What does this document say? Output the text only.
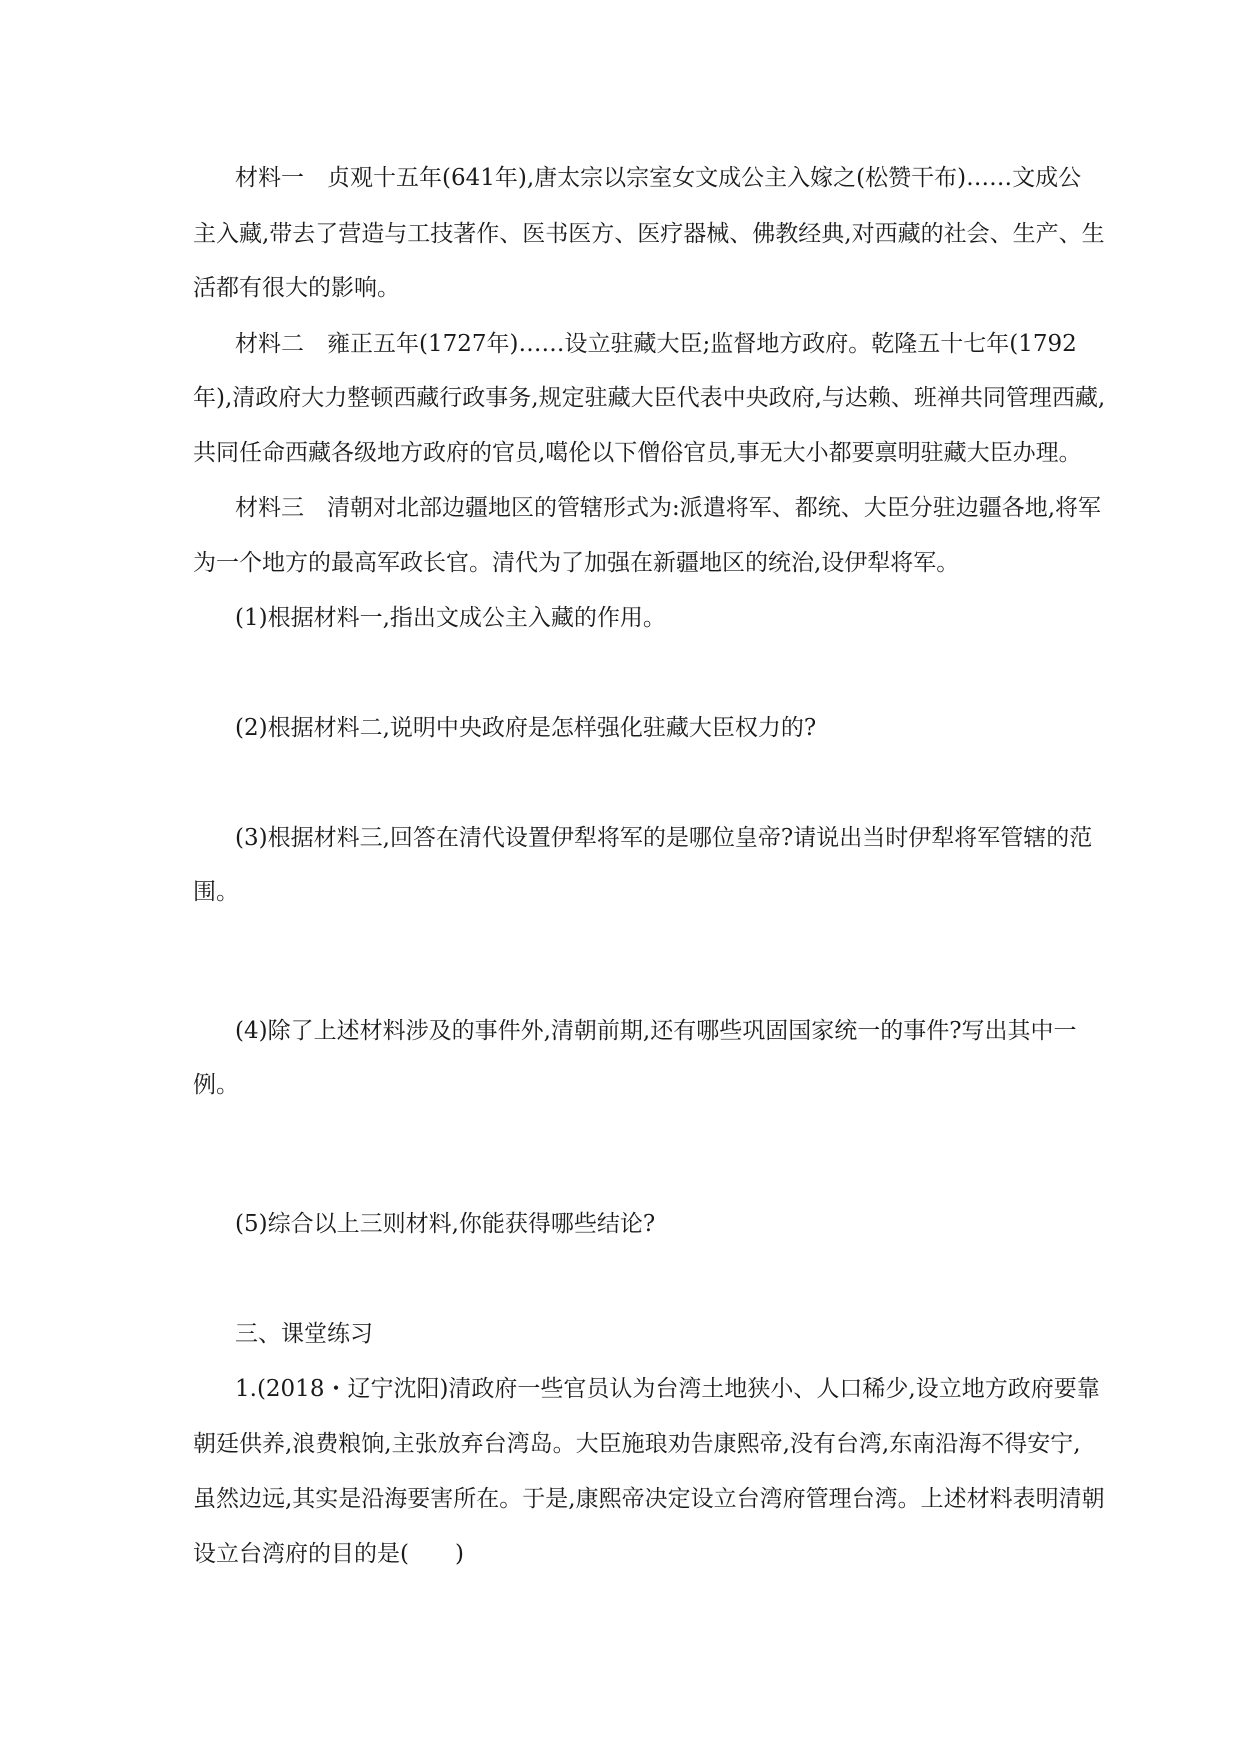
材料一　贞观十五年(641年),唐太宗以宗室女文成公主入嫁之(松赞干布)……文成公
主入藏,带去了营造与工技著作、医书医方、医疗器械、佛教经典,对西藏的社会、生产、生
活都有很大的影响。
材料二　雍正五年(1727年)……设立驻藏大臣;监督地方政府。乾隆五十七年(1792
年),清政府大力整顿西藏行政事务,规定驻藏大臣代表中央政府,与达赖、班禅共同管理西藏,
共同任命西藏各级地方政府的官员,噶伦以下僧俗官员,事无大小都要禀明驻藏大臣办理。
材料三　清朝对北部边疆地区的管辖形式为:派遣将军、都统、大臣分驻边疆各地,将军
为一个地方的最高军政长官。清代为了加强在新疆地区的统治,设伊犁将军。
(1)根据材料一,指出文成公主入藏的作用。
(2)根据材料二,说明中央政府是怎样强化驻藏大臣权力的?
(3)根据材料三,回答在清代设置伊犁将军的是哪位皇帝?请说出当时伊犁将军管辖的范
围。
(4)除了上述材料涉及的事件外,清朝前期,还有哪些巩固国家统一的事件?写出其中一
例。
(5)综合以上三则材料,你能获得哪些结论?
三、课堂练习
1.(2018・辽宁沈阳)清政府一些官员认为台湾土地狭小、人口稀少,设立地方政府要靠
朝廷供养,浪费粮饷,主张放弃台湾岛。大臣施琅劝告康熙帝,没有台湾,东南沿海不得安宁,
虽然边远,其实是沿海要害所在。于是,康熙帝决定设立台湾府管理台湾。上述材料表明清朝
设立台湾府的目的是(　　)
